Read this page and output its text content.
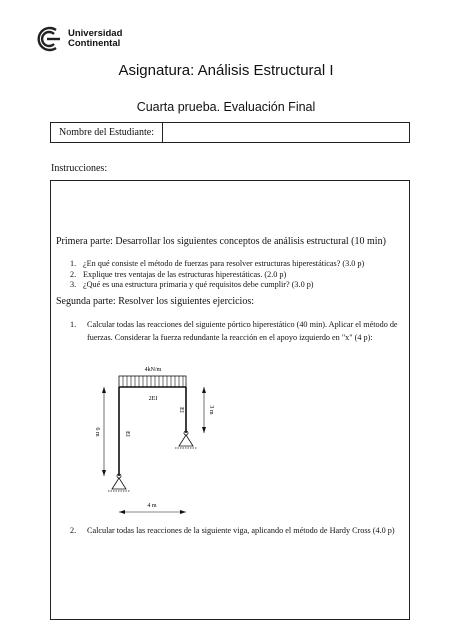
Universidad
Continental
Asignatura: Análisis Estructural I
Cuarta prueba. Evaluación Final
Nombre del Estudiante:
Instrucciones:
Primera parte: Desarrollar los siguientes conceptos de análisis estructural (10 min)
1. ¿En qué consiste el método de fuerzas para resolver estructuras hiperestáticas? (3.0 p)
2. Explique tres ventajas de las estructuras hiperestáticas. (2.0 p)
3. ¿Qué es una estructura primaria y qué requisitos debe cumplir? (3.0 p)
Segunda parte: Resolver los siguientes ejercicios:
1.	Calcular todas las reacciones del siguiente pórtico hiperestático (40 min). Aplicar el método de fuerzas. Considerar la fuerza redundante la reacción en el apoyo izquierdo en "x" (4 p):
4kN/m
2EI
EI
EI	3 m
6 m
4 m
2.	Calcular todas las reacciones de la siguiente viga, aplicando el método de Hardy Cross (4.0 p)
